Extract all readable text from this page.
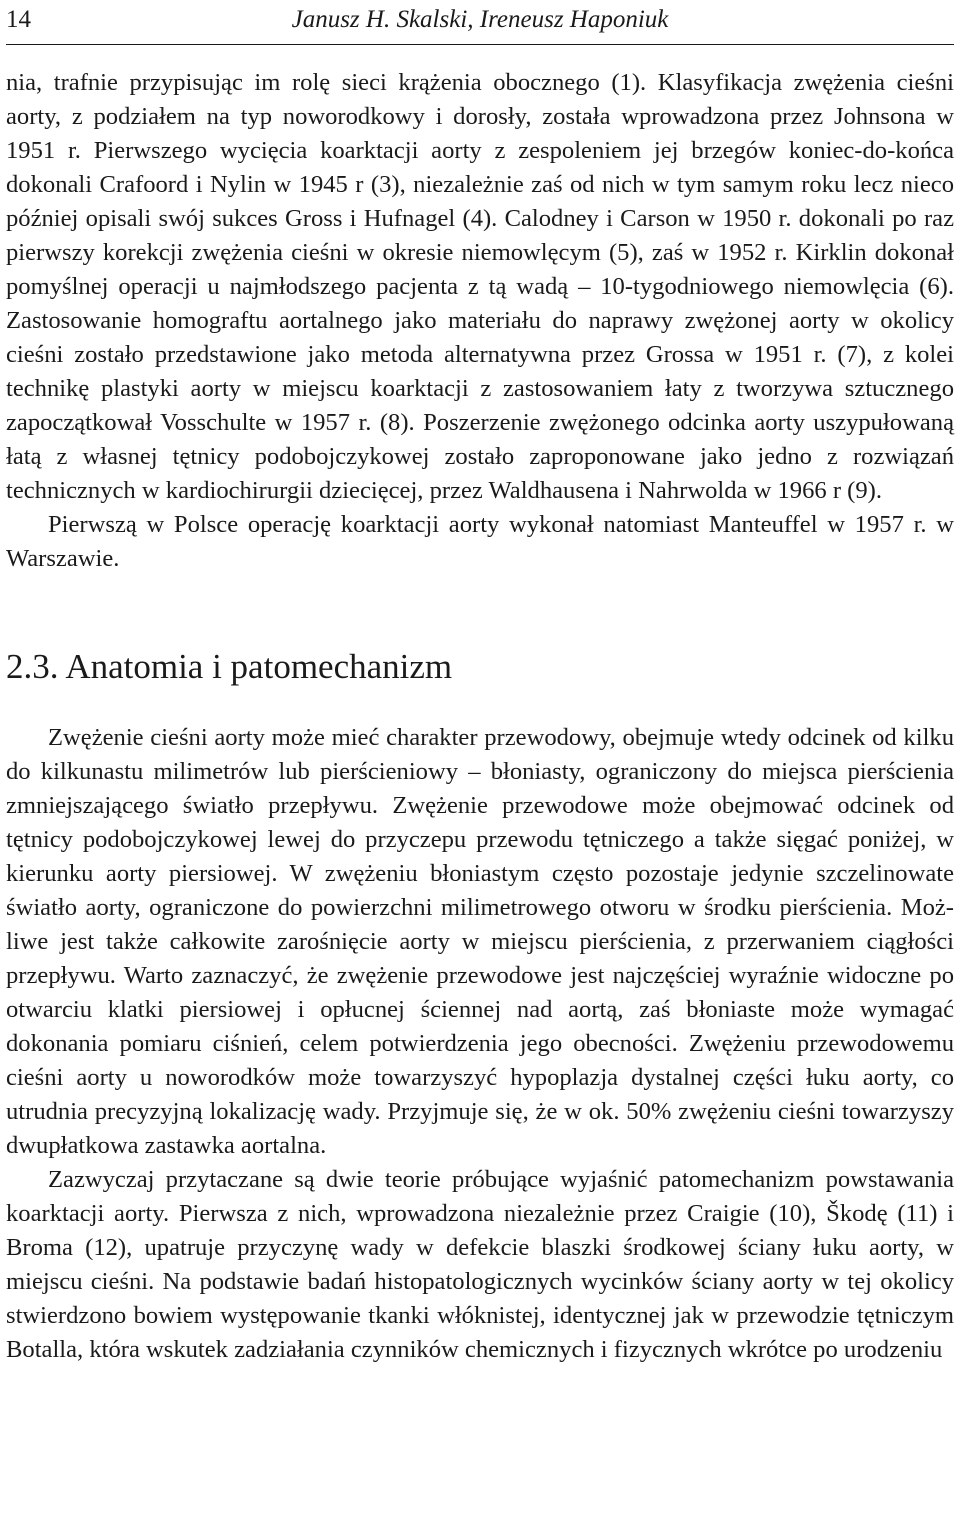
14	Janusz H. Skalski, Ireneusz Haponiuk

nia, trafnie przypisując im rolę sieci krążenia obocznego (1). Klasyfikacja zwężenia cieśni aorty, z podziałem na typ noworodkowy i dorosły, została wprowadzona przez Johnsona w 1951 r. Pierwszego wycięcia koarktacji aorty z zespoleniem jej brzegów koniec-do-końca dokonali Crafoord i Nylin w 1945 r (3), niezależnie zaś od nich w tym samym roku lecz nieco później opisali swój sukces Gross i Hufnagel (4). Calodney i Carson w 1950 r. dokonali po raz pierwszy korekcji zwężenia cieśni w okresie niemowlęcym (5), zaś w 1952 r. Kirklin dokonał pomyślnej operacji u najmłodszego pacjenta z tą wadą – 10-tygodniowego niemowlęcia (6). Zastosowanie homograftu aortalnego jako materiału do naprawy zwężonej aorty w okolicy cieśni zostało przedstawione jako metoda alternatywna przez Grossa w 1951 r. (7), z kolei technikę plastyki aorty w miejscu koarktacji z zastosowaniem łaty z tworzywa sztucznego zapoczątkował Vosschulte w 1957 r. (8). Poszerzenie zwężonego odcinka aorty uszypułowaną łatą z własnej tętnicy podobojczykowej zostało zaproponowane jako jedno z rozwiązań technicznych w kardiochirurgii dziecięcej, przez Waldhausena i Nahrwolda w 1966 r (9).

Pierwszą w Polsce operację koarktacji aorty wykonał natomiast Manteuffel w 1957 r. w Warszawie.

2.3. Anatomia i patomechanizm

Zwężenie cieśni aorty może mieć charakter przewodowy, obejmuje wtedy odcinek od kilku do kilkunastu milimetrów lub pierścieniowy – błoniasty, ograniczony do miejsca pierścienia zmniejszającego światło przepływu. Zwężenie przewodowe może obejmować odcinek od tętnicy podobojczykowej lewej do przyczepu przewodu tętniczego a także sięgać poniżej, w kierunku aorty piersiowej. W zwężeniu błoniastym często pozostaje jedynie szczelinowate światło aorty, ograniczone do powierzchni milimetrowego otworu w środku pierścienia. Możliwe jest także całkowite zarośnięcie aorty w miejscu pierścienia, z przerwaniem ciągłości przepływu. Warto zaznaczyć, że zwężenie przewodowe jest najczęściej wyraźnie widoczne po otwarciu klatki piersiowej i opłucnej ściennej nad aortą, zaś błoniaste może wymagać dokonania pomiaru ciśnień, celem potwierdzenia jego obecności. Zwężeniu przewodowemu cieśni aorty u noworodków może towarzyszyć hypoplazja dystalnej części łuku aorty, co utrudnia precyzyjną lokalizację wady. Przyjmuje się, że w ok. 50% zwężeniu cieśni towarzyszy dwupłatkowa zastawka aortalna.

Zazwyczaj przytaczane są dwie teorie próbujące wyjaśnić patomechanizm powstawania koarktacji aorty. Pierwsza z nich, wprowadzona niezależnie przez Craigie (10), Škodę (11) i Broma (12), upatruje przyczynę wady w defekcie blaszki środkowej ściany łuku aorty, w miejscu cieśni. Na podstawie badań histopatologicznych wycinków ściany aorty w tej okolicy stwierdzono bowiem występowanie tkanki włóknistej, identycznej jak w przewodzie tętniczym Botalla, która wskutek zadziałania czynników chemicznych i fizycznych wkrótce po urodzeniu
